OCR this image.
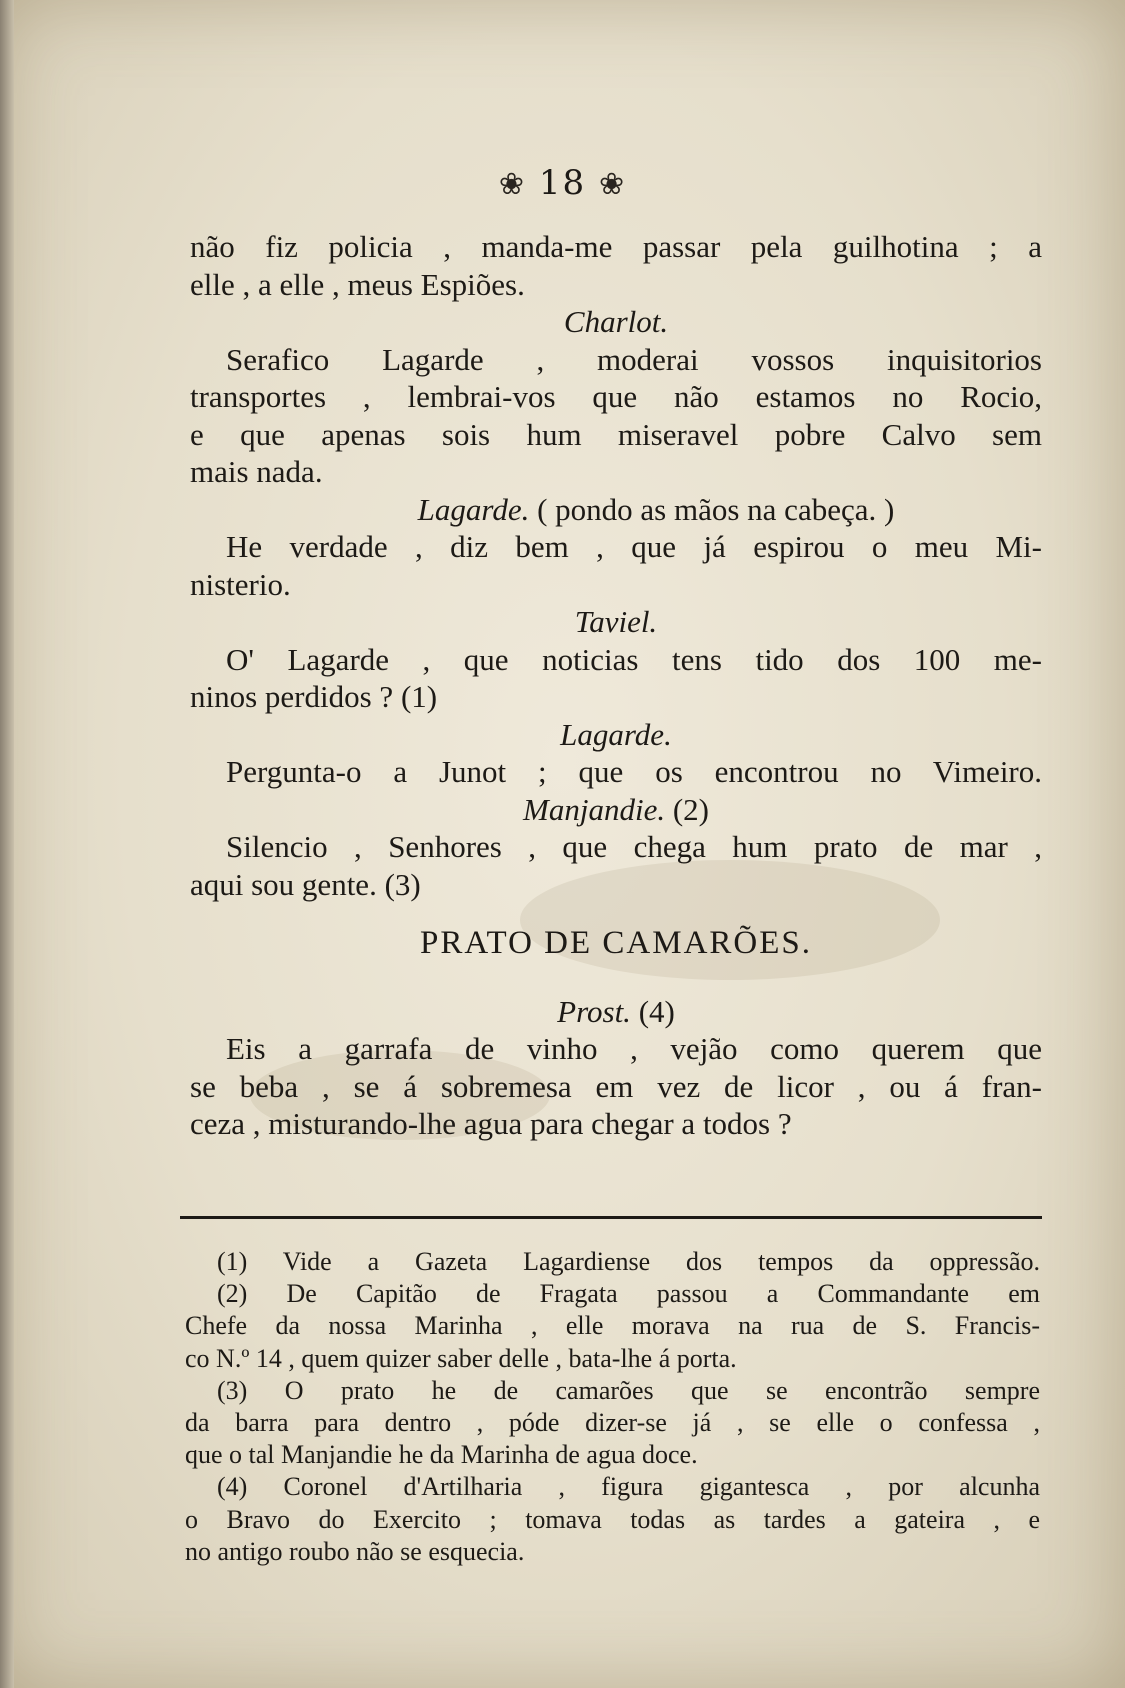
❀ 18 ❀
não fiz policia , manda-me passar pela guilhotina ; a
elle , a elle , meus Espiões.
Charlot.
Serafico Lagarde , moderai vossos inquisitorios
transportes , lembrai-vos que não estamos no Rocio,
e que apenas sois hum miseravel pobre Calvo sem
mais nada.
Lagarde. ( pondo as mãos na cabeça. )
He verdade , diz bem , que já espirou o meu Mi-
nisterio.
Taviel.
O' Lagarde , que noticias tens tido dos 100 me-
ninos perdidos ? (1)
Lagarde.
Pergunta-o a Junot ; que os encontrou no Vimeiro.
Manjandie. (2)
Silencio , Senhores , que chega hum prato de mar ,
aqui sou gente. (3)
PRATO DE CAMARÕES.
Prost. (4)
Eis a garrafa de vinho , vejão como querem que
se beba , se á sobremesa em vez de licor , ou á fran-
ceza , misturando-lhe agua para chegar a todos ?
(1) Vide a Gazeta Lagardiense dos tempos da oppressão.
(2) De Capitão de Fragata passou a Commandante em
Chefe da nossa Marinha , elle morava na rua de S. Francis-
co N.º 14 , quem quizer saber delle , bata-lhe á porta.
(3) O prato he de camarões que se encontrão sempre
da barra para dentro , póde dizer-se já , se elle o confessa ,
que o tal Manjandie he da Marinha de agua doce.
(4) Coronel d'Artilharia , figura gigantesca , por alcunha
o Bravo do Exercito ; tomava todas as tardes a gateira , e
no antigo roubo não se esquecia.
